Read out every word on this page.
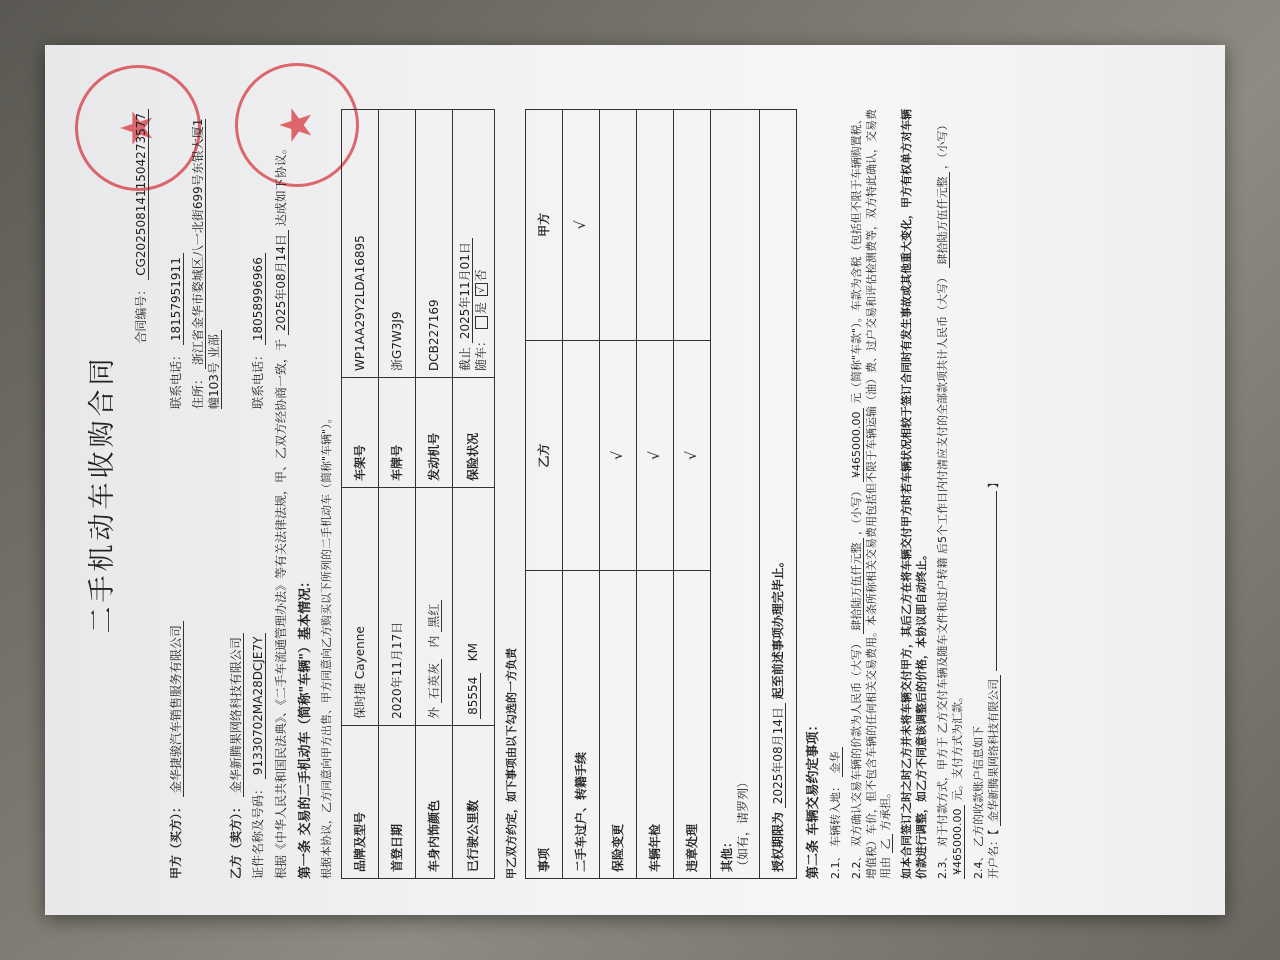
★ ★
二手机动车收购合同
合同编号： CG2025081411504273577
甲方（买方）： 金华捷骏汽车销售服务有限公司
联系电话： 18157951911
住所： 浙江省金华市婺城区八一北街699号东银大厦1幢103号 业部
乙方（卖方）： 金华新腾果网络科技有限公司
证件名称及号码： 91330702MA28DCJE7Y
联系电话： 18058996966
根据《中华人民共和国民法典》、《二手车流通管理办法》等有关法律法规，甲、乙双方经协商一致，于 2025年08月14日 达成如下协议。
第一条 交易的二手机动车（简称"车辆"）基本情况： 根据本协议，乙方同意向甲方出售、甲方同意向乙方购买以下所列的二手机动车（简称"车辆"）。 品牌及型号	保时捷 Cayenne	车架号	WP1AA29Y2LDA16895
首登日期	2020年11月17日	车牌号	浙G7W3J9
车身内饰颜色	外 石英灰   内 黑红	发动机号	DCB227169
已行驶公里数	85554   KM	保险状况	截止 2025年11月01日
随车： 是 √否
甲乙双方约定，如下事项由以下勾选的一方负责 事项	乙方	甲方
二手车过户、转籍手续		√
保险变更	√	
车辆年检	√	
违章处理	√	
其他： （如有，请罗列）		
授权期限为 2025年08月14日 起至前述事项办理完毕止。		
第二条 车辆交易约定事项： 2.1、 车辆转入地： 金华
2.2、 双方确认交易车辆的价款为人民币（大写） 肆拾陆万伍仟元整 ，（小写） ¥465000.00 元（简称"车款"）。车款为含税（包括但不限于车辆购置税、增值税）车价，但不包含车辆的任何相关交易费用。本条所称相关交易费用包括但不限于车辆运输（油）费、过户交易和评估检测费等，双方特此确认，交易费用由 乙 方承担。 如本合同签订之时之时乙方并未将车辆交付甲方，其后乙方在将车辆交付甲方时若车辆状况相较于签订合同时有发生事故或其他重大变化，甲方有权单方对车辆价款进行调整，如乙方不同意该调整后的价格，本协议即自动终止。 2.3、 对于付款方式，甲方于 乙方交付车辆及随车文件和过户转籍 后5个工作日内付清应支付的全部款项共计人民币（大写） 肆拾陆万伍仟元整 ，（小写） ¥465000.00 元。支付方式为汇款。
2.4、 乙方的收款账户信息如下
开户名：【 金华新腾果网络科技有限公司  】
